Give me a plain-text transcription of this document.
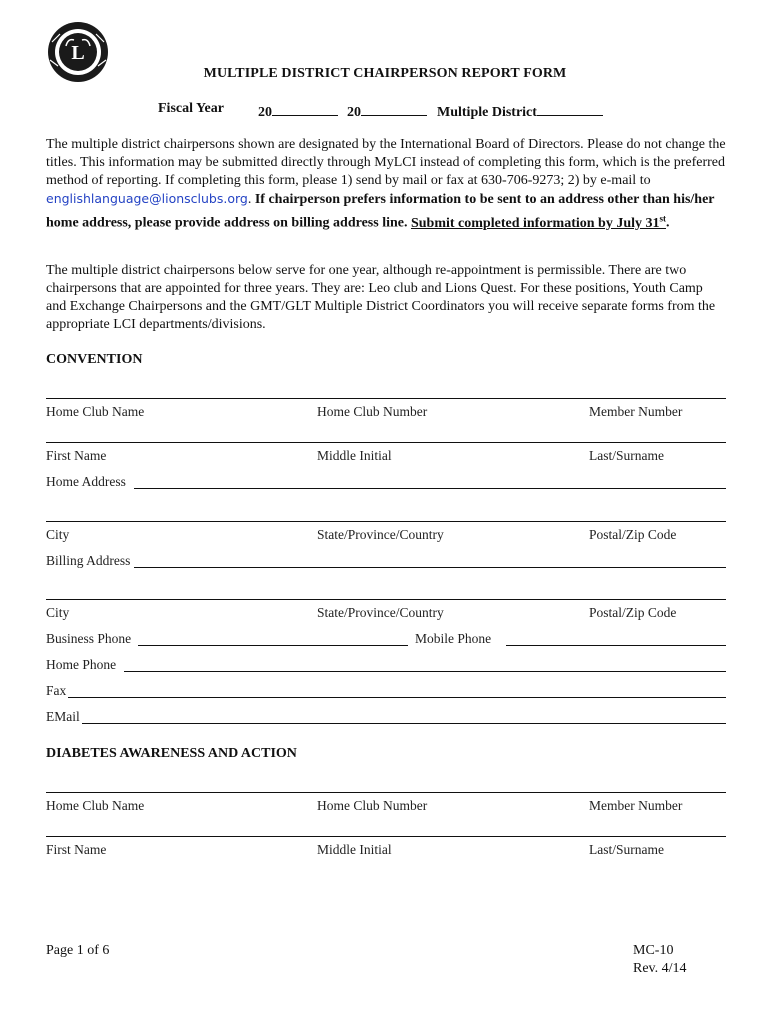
L
MULTIPLE DISTRICT CHAIRPERSON REPORT FORM
Fiscal Year 20	20	Multiple District
The multiple district chairpersons shown are designated by the International Board of Directors. Please do not change the titles. This information may be submitted directly through MyLCI instead of completing this form, which is the preferred method of reporting. If completing this form, please 1) send by mail or fax at 630-706-9273; 2) by e-mail to englishlanguage@lionsclubs.org. If chairperson prefers information to be sent to an address other than his/her home address, please provide address on billing address line. Submit completed information by July 31st.
The multiple district chairpersons below serve for one year, although re-appointment is permissible. There are two chairpersons that are appointed for three years. They are: Leo club and Lions Quest. For these positions, Youth Camp and Exchange Chairpersons and the GMT/GLT Multiple District Coordinators you will receive separate forms from the appropriate LCI departments/divisions.
CONVENTION
Home Club Name	Home Club Number	Member Number
First Name	Middle Initial	Last/Surname
Home Address
City	State/Province/Country	Postal/Zip Code
Billing Address
City	State/Province/Country	Postal/Zip Code
Business Phone	Mobile Phone
Home Phone
Fax
EMail
DIABETES AWARENESS AND ACTION
Home Club Name	Home Club Number	Member Number
First Name	Middle Initial	Last/Surname
Page 1 of 6	MC-10
Rev. 4/14
